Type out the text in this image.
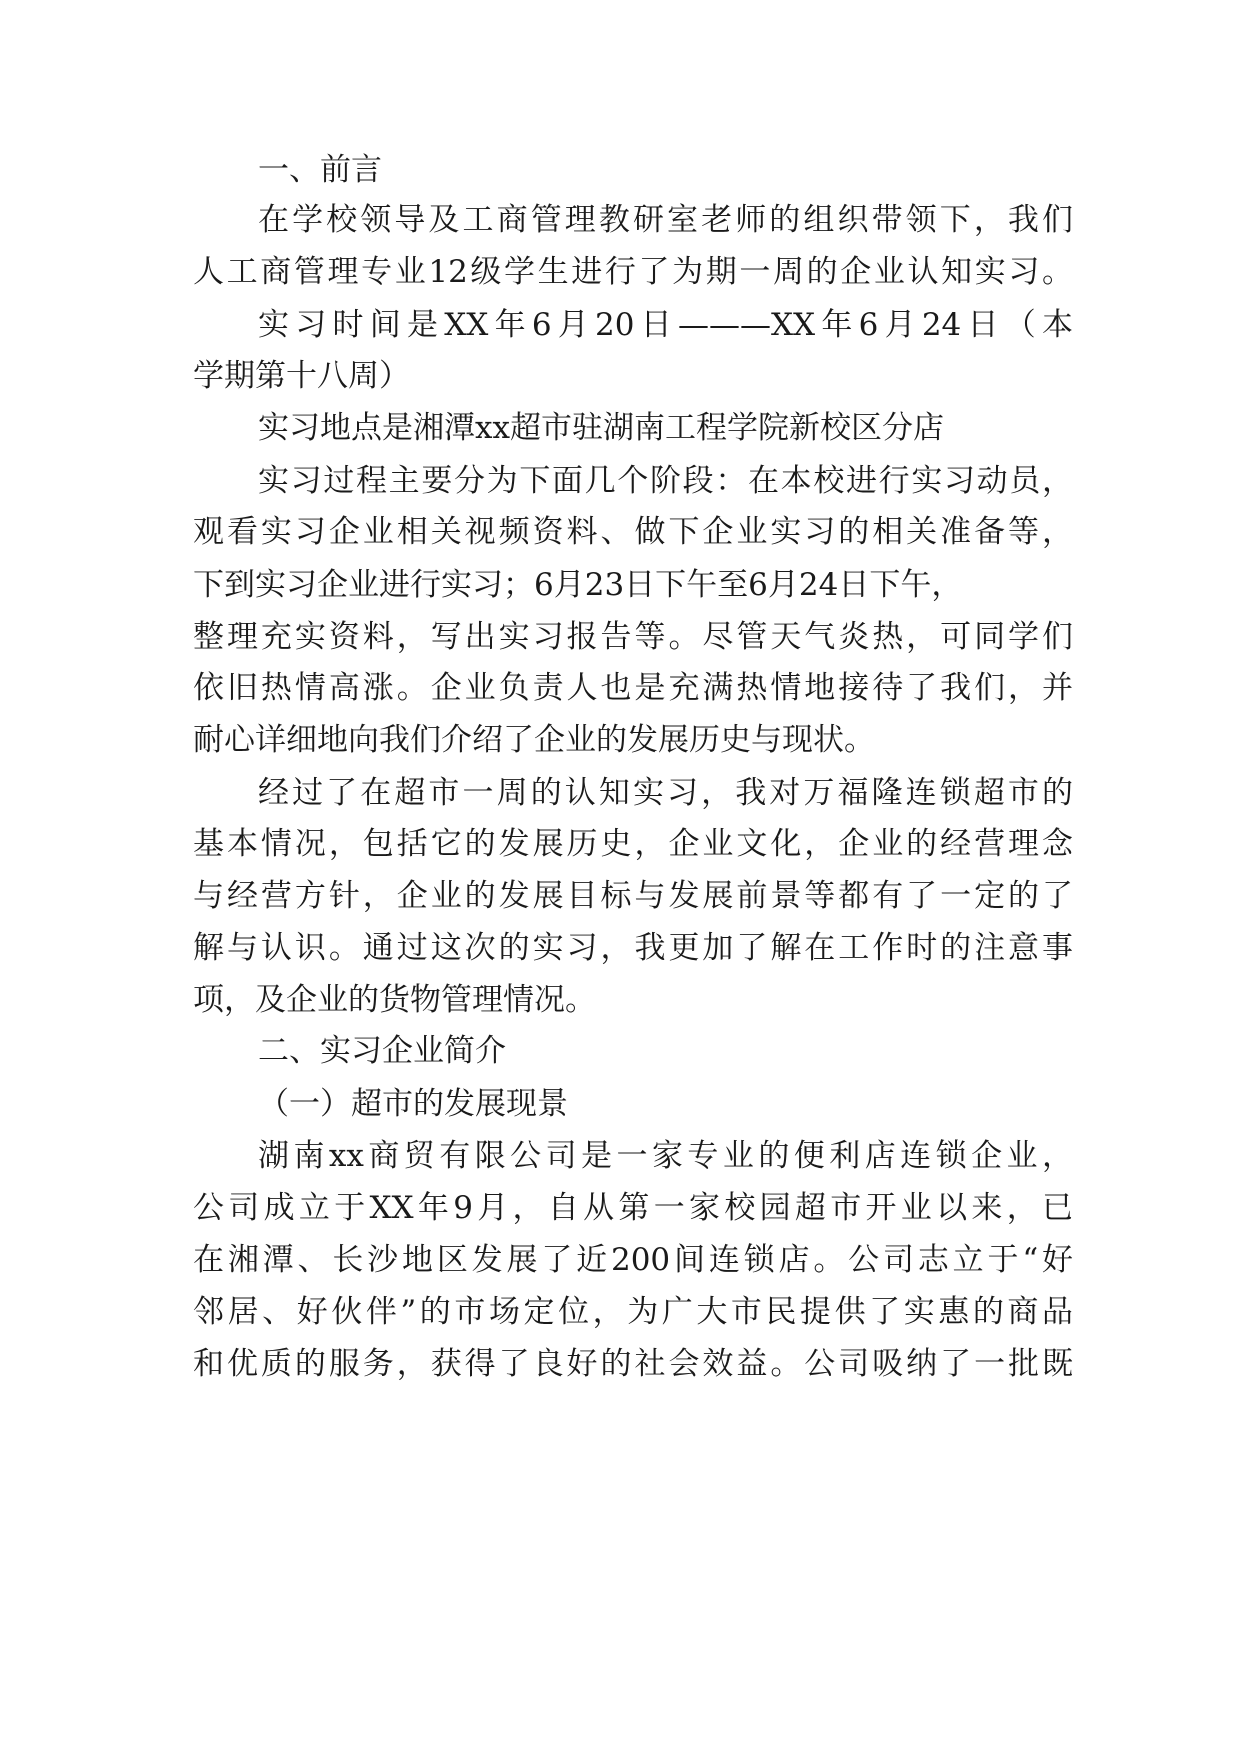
一、前言
在学校领导及工商管理教研室老师的组织带领下，我们
人工商管理专业12级学生进行了为期一周的企业认知实习。
实习时间是XX年6月20日———XX年6月24日（本
学期第十八周）
实习地点是湘潭xx超市驻湖南工程学院新校区分店
实习过程主要分为下面几个阶段：在本校进行实习动员，
观看实习企业相关视频资料、做下企业实习的相关准备等，
下到实习企业进行实习；6月23日下午至6月24日下午，
整理充实资料，写出实习报告等。尽管天气炎热，可同学们
依旧热情高涨。企业负责人也是充满热情地接待了我们，并
耐心详细地向我们介绍了企业的发展历史与现状。
经过了在超市一周的认知实习，我对万福隆连锁超市的
基本情况，包括它的发展历史，企业文化，企业的经营理念
与经营方针，企业的发展目标与发展前景等都有了一定的了
解与认识。通过这次的实习，我更加了解在工作时的注意事
项，及企业的货物管理情况。
二、实习企业简介
（一）超市的发展现景
湖南xx商贸有限公司是一家专业的便利店连锁企业，
公司成立于XX年9月，自从第一家校园超市开业以来，已
在湘潭、长沙地区发展了近200间连锁店。公司志立于“好
邻居、好伙伴”的市场定位，为广大市民提供了实惠的商品
和优质的服务，获得了良好的社会效益。公司吸纳了一批既
